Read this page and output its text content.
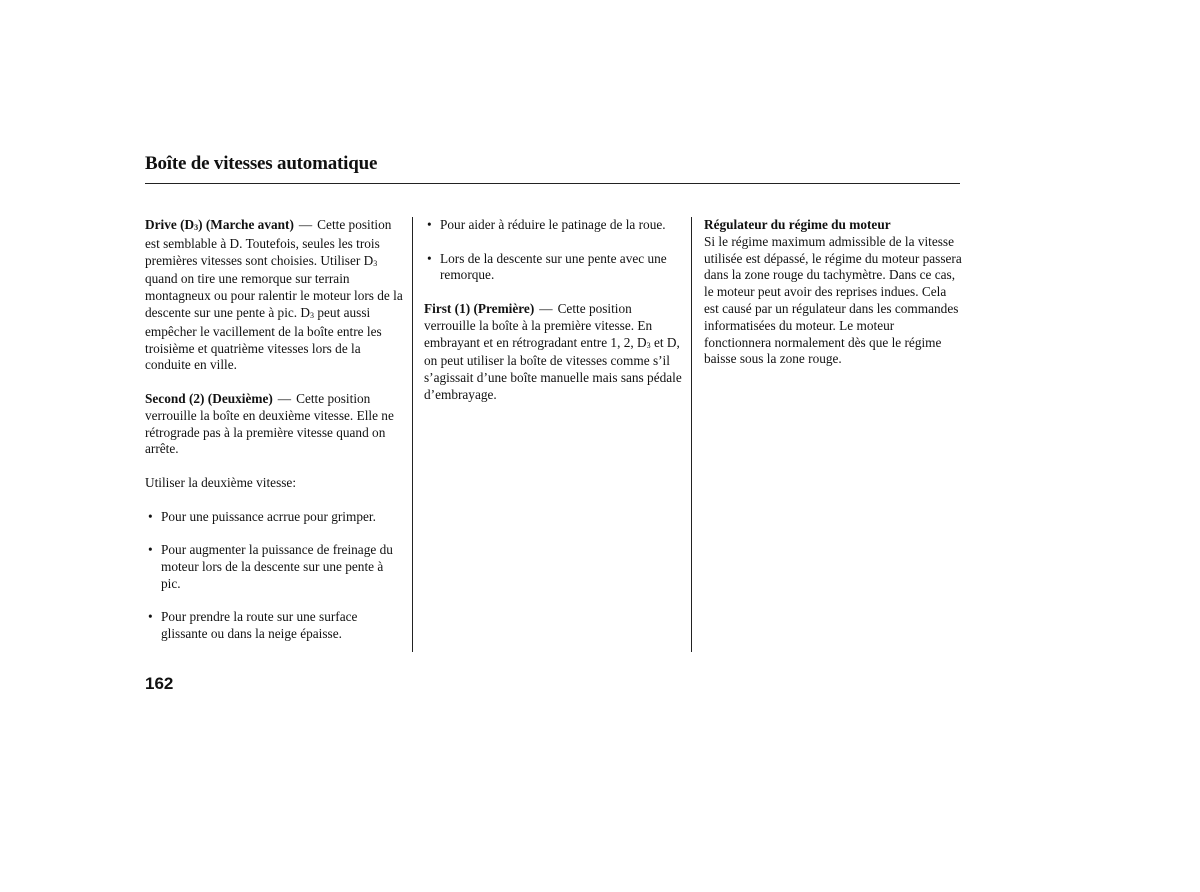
Boîte de vitesses automatique

Drive $(D_3)$ (Marche avant) — Cette position est semblable à D. Toutefois, seules les trois premières vitesses sont choisies. Utiliser $D_3$ quand on tire une remorque sur terrain montagneux ou pour ralentir le moteur lors de la descente sur une pente à pic. $D_3$ peut aussi empêcher le vacillement de la boîte entre les troisième et quatrième vitesses lors de la conduite en ville.

Second (2) (Deuxième) — Cette position verrouille la boîte en deuxième vitesse. Elle ne rétrograde pas à la première vitesse quand on arrête.

Utiliser la deuxième vitesse:

• Pour une puissance acrrue pour grimper.
• Pour augmenter la puissance de freinage du moteur lors de la descente sur une pente à pic.
• Pour prendre la route sur une surface glissante ou dans la neige épaisse.
• Pour aider à réduire le patinage de la roue.
• Lors de la descente sur une pente avec une remorque.

First (1) (Première) — Cette position verrouille la boîte à la première vitesse. En embrayant et en rétrogradant entre 1, 2, $D_3$ et D, on peut utiliser la boîte de vitesses comme s’il s’agissait d’une boîte manuelle mais sans pédale d’embrayage.

Régulateur du régime du moteur

Si le régime maximum admissible de la vitesse utilisée est dépassé, le régime du moteur passera dans la zone rouge du tachymètre. Dans ce cas, le moteur peut avoir des reprises indues. Cela est causé par un régulateur dans les commandes informatisées du moteur. Le moteur fonctionnera normalement dès que le régime baisse sous la zone rouge.

162
